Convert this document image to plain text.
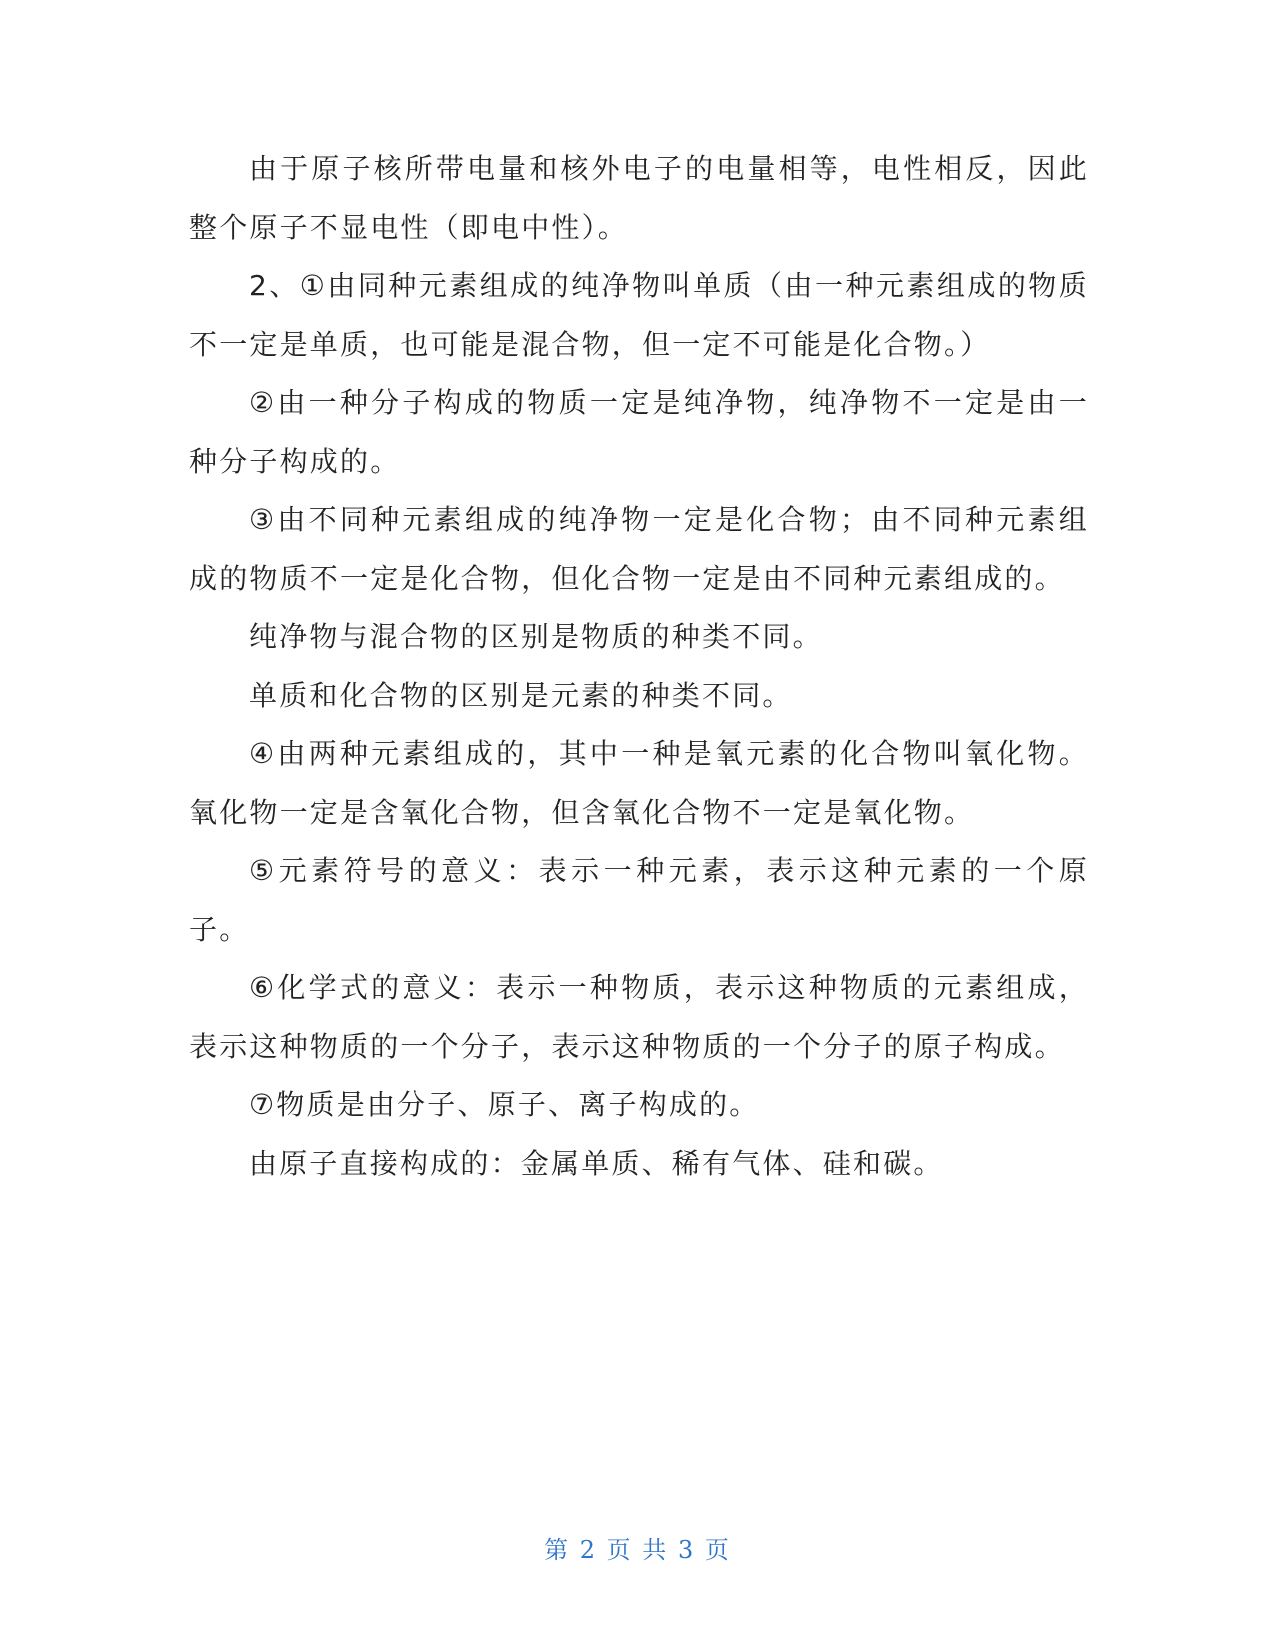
由于原子核所带电量和核外电子的电量相等，电性相反，因此整个原子不显电性（即电中性）。

2、①由同种元素组成的纯净物叫单质（由一种元素组成的物质不一定是单质，也可能是混合物，但一定不可能是化合物。）

②由一种分子构成的物质一定是纯净物，纯净物不一定是由一种分子构成的。

③由不同种元素组成的纯净物一定是化合物；由不同种元素组成的物质不一定是化合物，但化合物一定是由不同种元素组成的。

纯净物与混合物的区别是物质的种类不同。

单质和化合物的区别是元素的种类不同。

④由两种元素组成的，其中一种是氧元素的化合物叫氧化物。氧化物一定是含氧化合物，但含氧化合物不一定是氧化物。

⑤元素符号的意义：表示一种元素，表示这种元素的一个原子。

⑥化学式的意义：表示一种物质，表示这种物质的元素组成，表示这种物质的一个分子，表示这种物质的一个分子的原子构成。

⑦物质是由分子、原子、离子构成的。

由原子直接构成的：金属单质、稀有气体、硅和碳。

第 2 页 共 3 页
